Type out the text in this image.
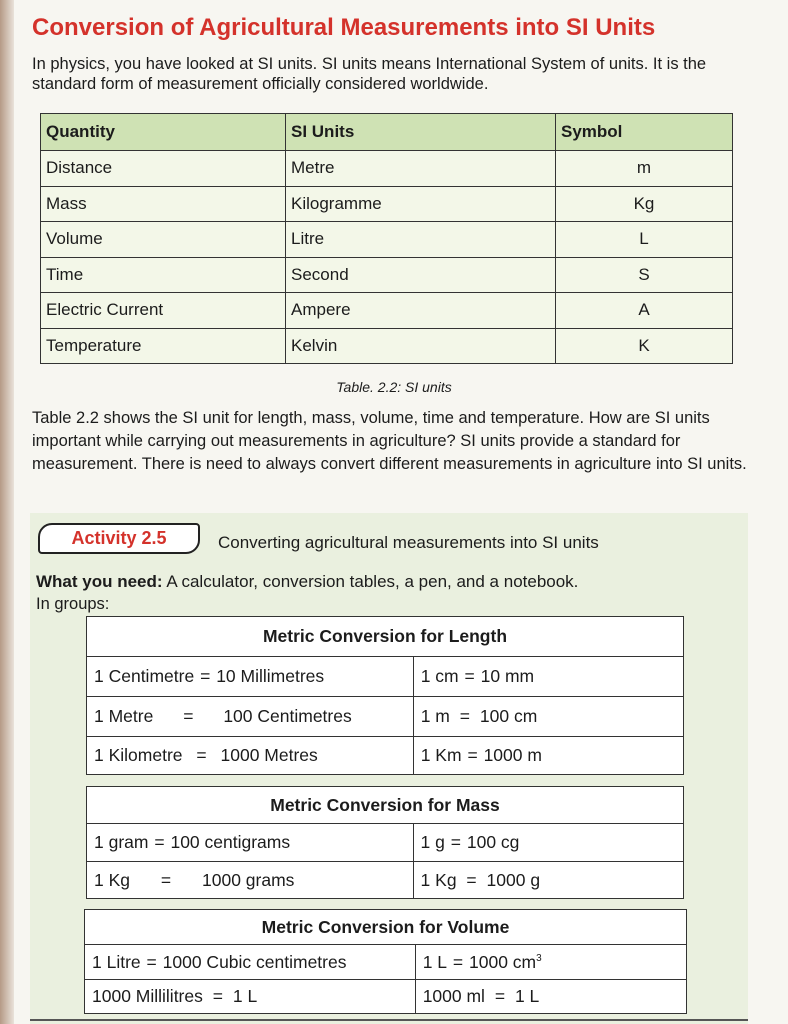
Conversion of Agricultural Measurements into SI Units

In physics, you have looked at SI units. SI units means International System of units. It is the standard form of measurement officially considered worldwide.

Quantity	SI Units	Symbol
Distance	Metre	m
Mass	Kilogramme	Kg
Volume	Litre	L
Time	Second	S
Electric Current	Ampere	A
Temperature	Kelvin	K
Table. 2.2: SI units

Table 2.2 shows the SI unit for length, mass, volume, time and temperature. How are SI units important while carrying out measurements in agriculture? SI units provide a standard for measurement. There is need to always convert different measurements in agriculture into SI units.

Activity 2.5	Converting agricultural measurements into SI units
What you need: A calculator, conversion tables, a pen, and a notebook.
In groups:
Metric Conversion for Length	
1 Centimetre = 10 Millimetres	1 cm = 10 mm
1 Metre = 100 Centimetres	1 m = 100 cm
1 Kilometre = 1000 Metres	1 Km = 1000 m
Metric Conversion for Mass	
1 gram = 100 centigrams	1 g = 100 cg
1 Kg = 1000 grams	1 Kg = 1000 g
Metric Conversion for Volume	
1 Litre = 1000 Cubic centimetres	1 L = 1000 $cm^3$
1000 Millilitres = 1 L	1000 ml = 1 L
